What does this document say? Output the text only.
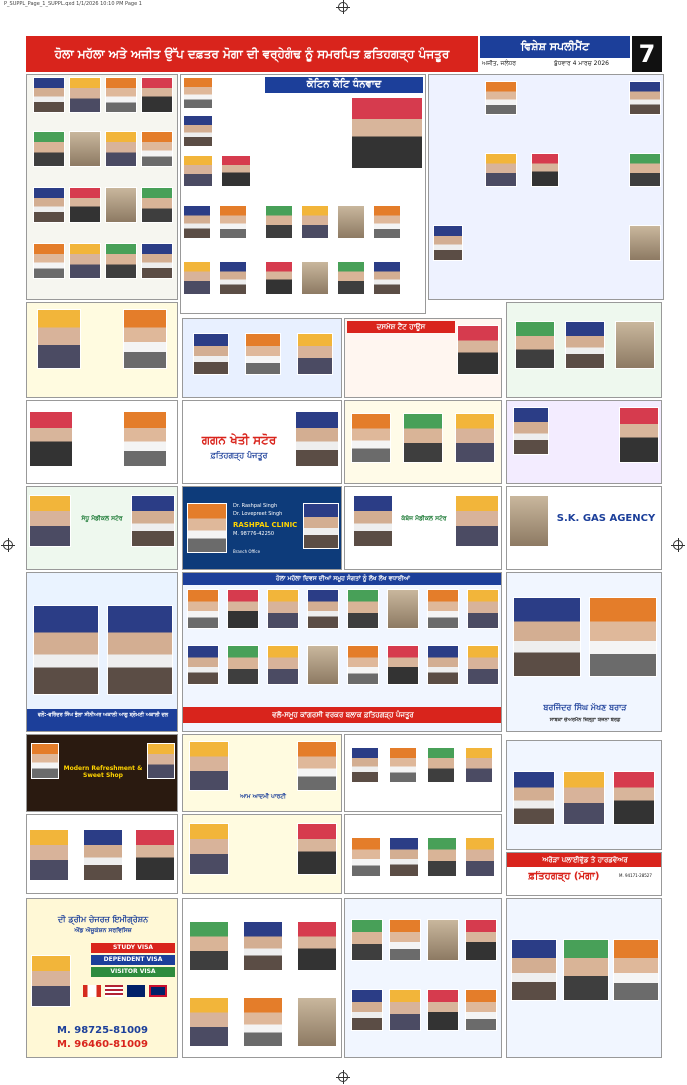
P_SUPPL_Page_1_SUPPL.qxd 1/1/2026 10:10 PM Page 1
ਹੋਲਾ ਮਹੱਲਾ ਅਤੇ ਅਜੀਤ ਉੱਪ ਦਫ਼ਤਰ ਮੋਗਾ ਦੀ ਵਰ੍ਹੇਗੰਢ ਨੂੰ ਸਮਰਪਿਤ ਫ਼ਤਿਹਗੜ੍ਹ ਪੰਜਤੂਰ
ਵਿਸ਼ੇਸ਼ ਸਪਲੀਮੈਂਟ
ਅਜੀਤ, ਜਲੰਧਰ	ਬੁੱਧਵਾਰ 4 ਮਾਰਚ 2026	7
ਕੋਟਿਨ ਕੋਟਿ ਧੰਨਵਾਦ
ਦਸਮੇਸ਼ ਟੈਂਟ ਹਾਊਸ
ਗਗਨ ਖੇਤੀ ਸਟੋਰ
ਫ਼ਤਿਹਗੜ੍ਹ ਪੰਜਤੂਰ
ਸੰਧੂ ਮੈਡੀਕਲ ਸਟੋਰ
Dr. Rashpal Singh
Dr. Lovepreet Singh
RASHPAL CLINIC
M. 98776-42250
Branch Office
ਕੰਬੋਜ ਮੈਡੀਕਲ ਸਟੋਰ	S.K. GAS AGENCY
ਵਲੋਂ:-ਵਰਿੰਦਰ ਸਿੰਘ ਭੁੱਲਾ ਸੀਨੀਅਰ ਅਕਾਲੀ ਆਗੂ ਸ਼੍ਰੋਮਣੀ ਅਕਾਲੀ ਦਲ
ਹੋਲਾ ਮਹੱਲਾ ਦਿਵਸ ਦੀਆਂ ਸਮੂਹ ਸੰਗਤਾਂ ਨੂੰ ਲੱਖ ਲੱਖ ਵਧਾਈਆਂ
ਵਲੋਂ-ਸਮੂਹ ਕਾਂਗਰਸੀ ਵਰਕਰ ਬਲਾਕ ਫ਼ਤਿਹਗੜ੍ਹ ਪੰਜਤੂਰ
ਬਰਜਿੰਦਰ ਸਿੰਘ ਮੱਖਣ ਬਰਾੜ
ਸਾਬਕਾ ਚੇਅਰਮੈਨ ਜ਼ਿਲ੍ਹਾ ਯੋਜਨਾ ਬੋਰਡ
Modern Refreshment & Sweet Shop
ਆਮ ਆਦਮੀ ਪਾਰਟੀ
ਅਰੋੜਾ ਪਲਾਈਵੁੱਡ ਤੇ ਹਾਰਡਵੇਅਰ
ਫ਼ਤਿਹਗੜ੍ਹ (ਮੋਗਾ)	M. 94171-28527
ਦੀ ਡ੍ਰੀਮ ਚੇਜਰਜ਼ ਇਮੀਗ੍ਰੇਸ਼ਨ
ਐਂਡ ਐਜੂਕੇਸ਼ਨ ਸਰਵਿਸਿਜ਼
STUDY VISA
DEPENDENT VISA
VISITOR VISA
M. 98725-81009
M. 96460-81009
